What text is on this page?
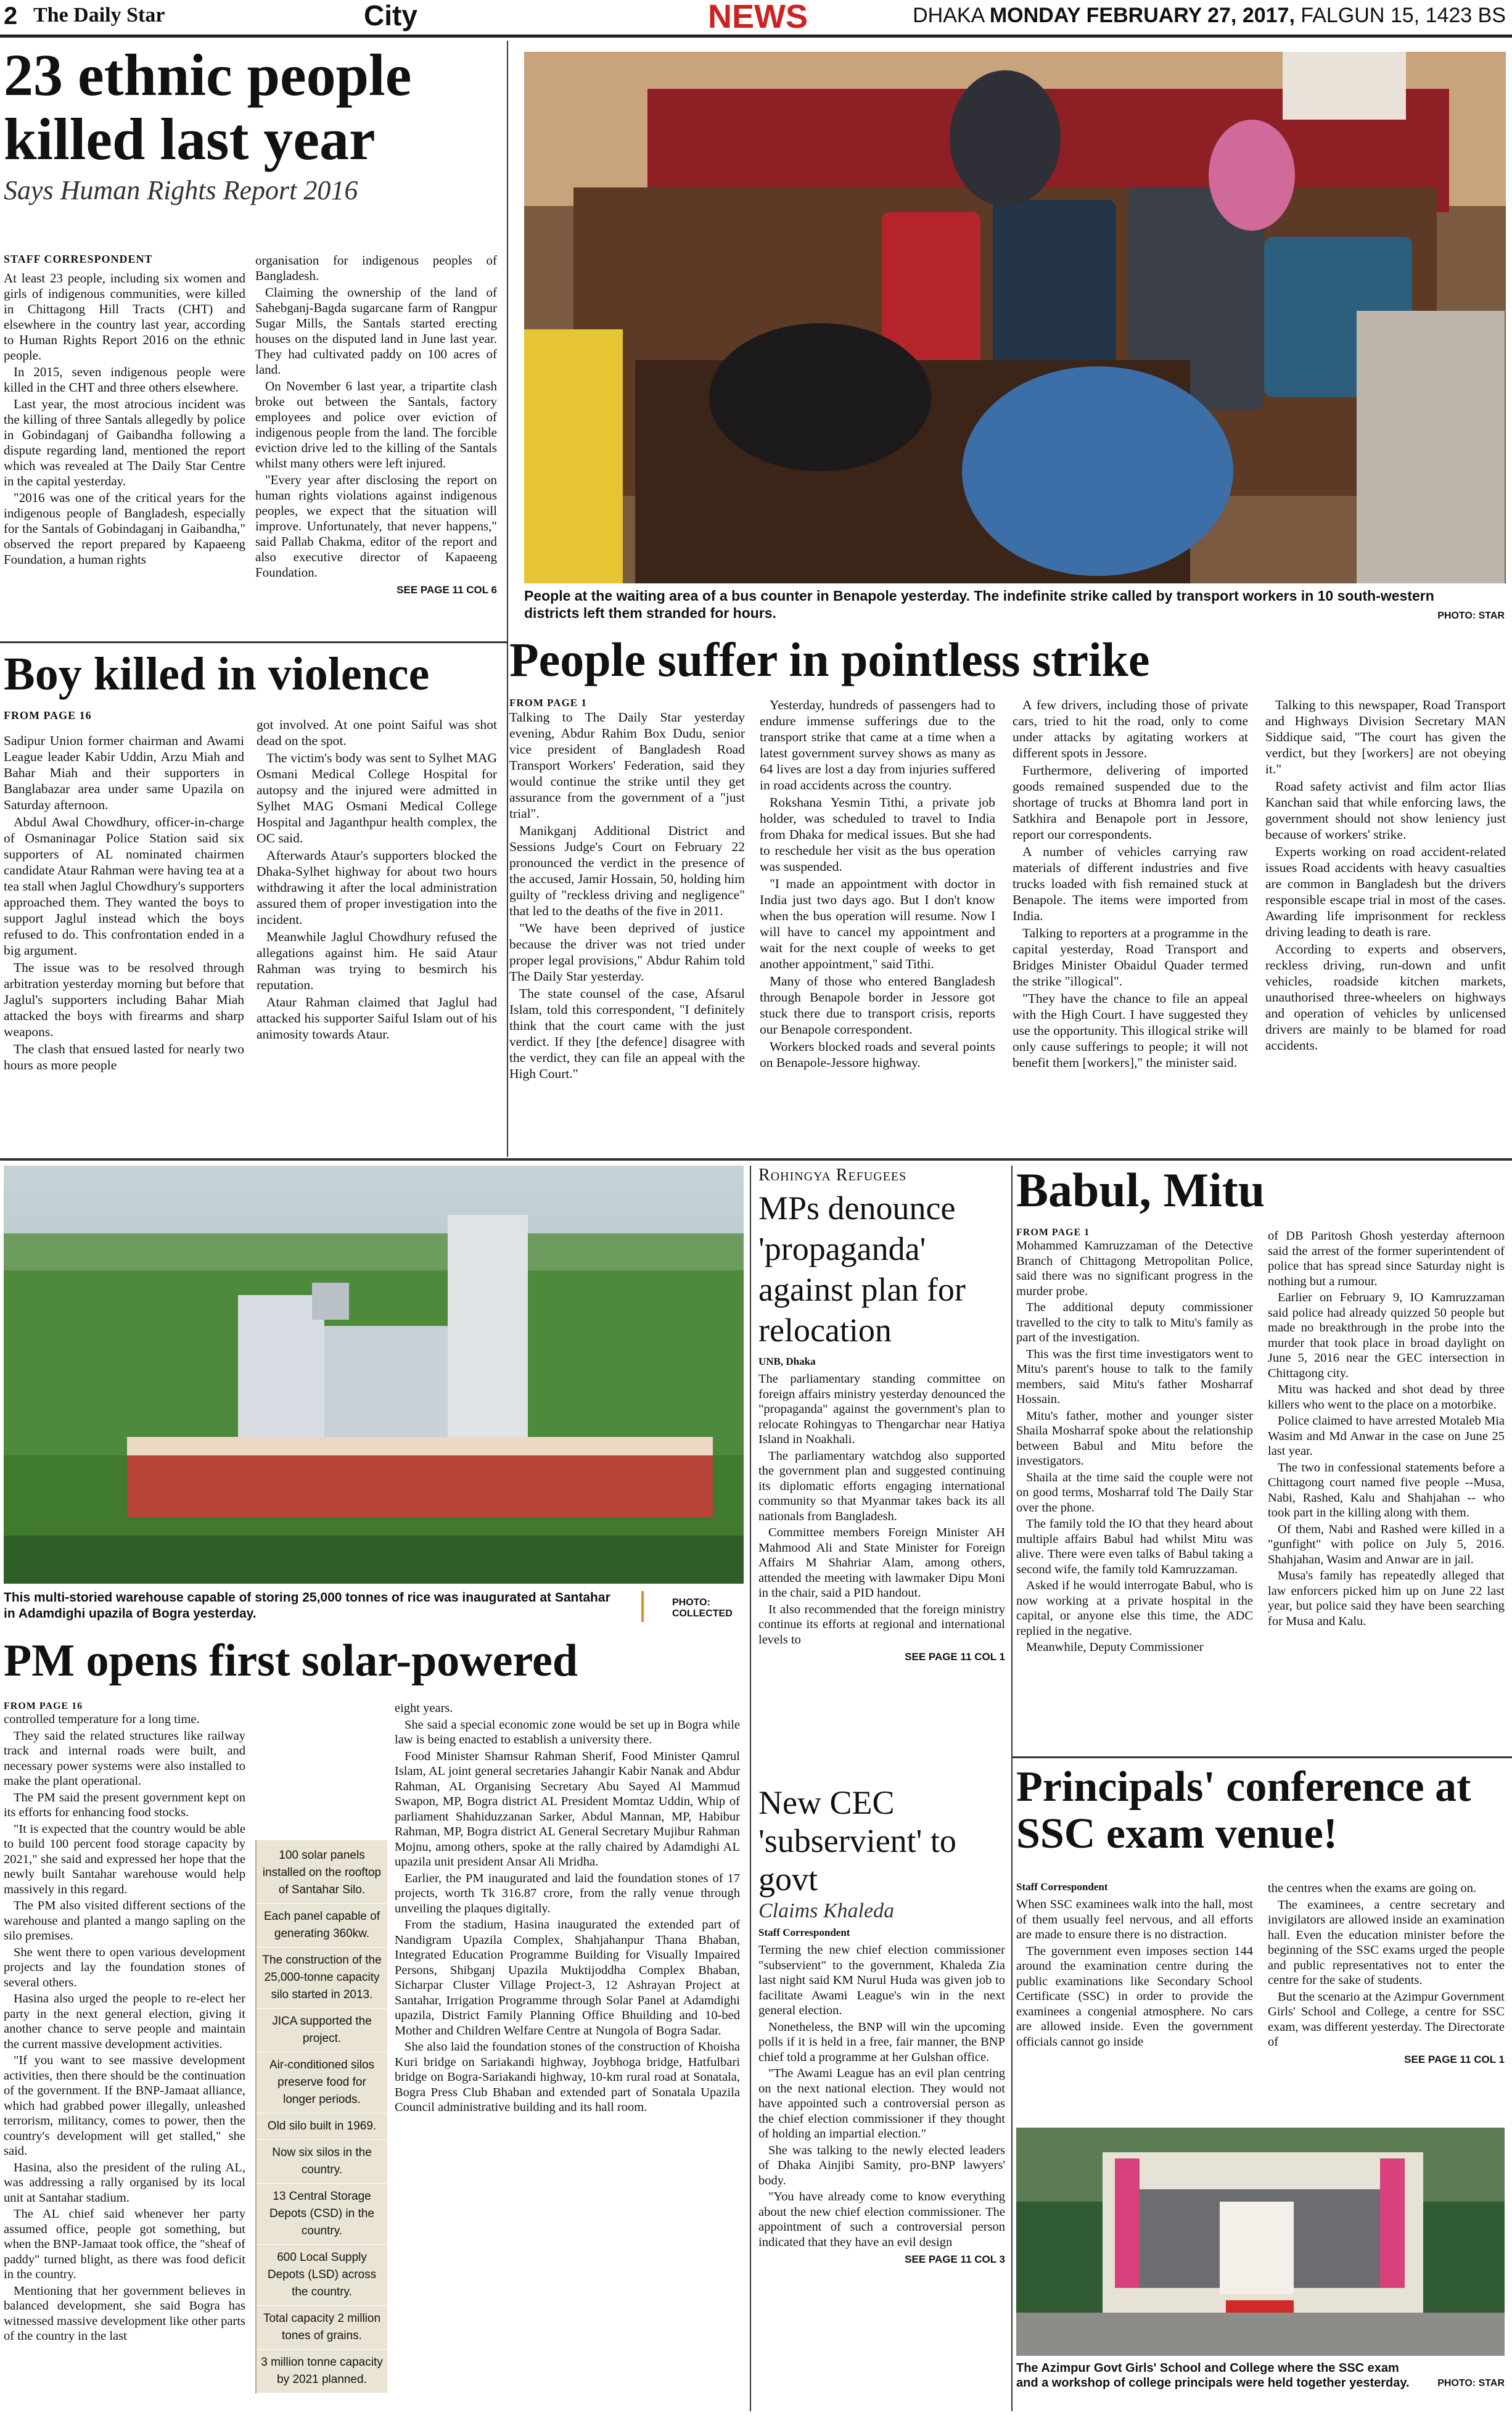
2 The Daily Star	City	NEWS	DHAKA MONDAY FEBRUARY 27, 2017, FALGUN 15, 1423 BS
23 ethnic people killed last year
Says Human Rights Report 2016
STAFF CORRESPONDENT

At least 23 people, including six women and girls of indigenous communities, were killed in Chittagong Hill Tracts (CHT) and elsewhere in the country last year, according to Human Rights Report 2016 on the ethnic people.

In 2015, seven indigenous people were killed in the CHT and three others elsewhere.

Last year, the most atrocious incident was the killing of three Santals allegedly by police in Gobindaganj of Gaibandha following a dispute regarding land, mentioned the report which was revealed at The Daily Star Centre in the capital yesterday.

"2016 was one of the critical years for the indigenous people of Bangladesh, especially for the Santals of Gobindaganj in Gaibandha," observed the report prepared by Kapaeeng Foundation, a human rights

organisation for indigenous peoples of Bangladesh.

Claiming the ownership of the land of Sahebganj-Bagda sugarcane farm of Rangpur Sugar Mills, the Santals started erecting houses on the disputed land in June last year. They had cultivated paddy on 100 acres of land.

On November 6 last year, a tripartite clash broke out between the Santals, factory employees and police over eviction of indigenous people from the land. The forcible eviction drive led to the killing of the Santals whilst many others were left injured.

"Every year after disclosing the report on human rights violations against indigenous peoples, we expect that the situation will improve. Unfortunately, that never happens," said Pallab Chakma, editor of the report and also executive director of Kapaeeng Foundation.

SEE PAGE 11 COL 6 People at the waiting area of a bus counter in Benapole yesterday. The indefinite strike called by transport workers in 10 south-western districts left them stranded for hours.	PHOTO: STAR
Boy killed in violence
FROM PAGE 16

Sadipur Union former chairman and Awami League leader Kabir Uddin, Arzu Miah and Bahar Miah and their supporters in Banglabazar area under same Upazila on Saturday afternoon.

Abdul Awal Chowdhury, officer-in-charge of Osmaninagar Police Station said six supporters of AL nominated chairmen candidate Ataur Rahman were having tea at a tea stall when Jaglul Chowdhury's supporters approached them. They wanted the boys to support Jaglul instead which the boys refused to do. This confrontation ended in a big argument.

The issue was to be resolved through arbitration yesterday morning but before that Jaglul's supporters including Bahar Miah attacked the boys with firearms and sharp weapons.

The clash that ensued lasted for nearly two hours as more people

got involved. At one point Saiful was shot dead on the spot.

The victim's body was sent to Sylhet MAG Osmani Medical College Hospital for autopsy and the injured were admitted in Sylhet MAG Osmani Medical College Hospital and Jaganthpur health complex, the OC said.

Afterwards Ataur's supporters blocked the Dhaka-Sylhet highway for about two hours withdrawing it after the local administration assured them of proper investigation into the incident.

Meanwhile Jaglul Chowdhury refused the allegations against him. He said Ataur Rahman was trying to besmirch his reputation.

Ataur Rahman claimed that Jaglul had attacked his supporter Saiful Islam out of his animosity towards Ataur.

People suffer in pointless strike
FROM PAGE 1

Talking to The Daily Star yesterday evening, Abdur Rahim Box Dudu, senior vice president of Bangladesh Road Transport Workers' Federation, said they would continue the strike until they get assurance from the government of a "just trial".

Manikganj Additional District and Sessions Judge's Court on February 22 pronounced the verdict in the presence of the accused, Jamir Hossain, 50, holding him guilty of "reckless driving and negligence" that led to the deaths of the five in 2011.

"We have been deprived of justice because the driver was not tried under proper legal provisions," Abdur Rahim told The Daily Star yesterday.

The state counsel of the case, Afsarul Islam, told this correspondent, "I definitely think that the court came with the just verdict. If they [the defence] disagree with the verdict, they can file an appeal with the High Court."

Yesterday, hundreds of passengers had to endure immense sufferings due to the transport strike that came at a time when a latest government survey shows as many as 64 lives are lost a day from injuries suffered in road accidents across the country.

Rokshana Yesmin Tithi, a private job holder, was scheduled to travel to India from Dhaka for medical issues. But she had to reschedule her visit as the bus operation was suspended.

"I made an appointment with doctor in India just two days ago. But I don't know when the bus operation will resume. Now I will have to cancel my appointment and wait for the next couple of weeks to get another appointment," said Tithi.

Many of those who entered Bangladesh through Benapole border in Jessore got stuck there due to transport crisis, reports our Benapole correspondent.

Workers blocked roads and several points on Benapole-Jessore highway.

A few drivers, including those of private cars, tried to hit the road, only to come under attacks by agitating workers at different spots in Jessore.

Furthermore, delivering of imported goods remained suspended due to the shortage of trucks at Bhomra land port in Satkhira and Benapole port in Jessore, report our correspondents.

A number of vehicles carrying raw materials of different industries and five trucks loaded with fish remained stuck at Benapole. The items were imported from India.

Talking to reporters at a programme in the capital yesterday, Road Transport and Bridges Minister Obaidul Quader termed the strike "illogical".

"They have the chance to file an appeal with the High Court. I have suggested they use the opportunity. This illogical strike will only cause sufferings to people; it will not benefit them [workers]," the minister said.

Talking to this newspaper, Road Transport and Highways Division Secretary MAN Siddique said, "The court has given the verdict, but they [workers] are not obeying it."

Road safety activist and film actor Ilias Kanchan said that while enforcing laws, the government should not show leniency just because of workers' strike.

Experts working on road accident-related issues Road accidents with heavy casualties are common in Bangladesh but the drivers responsible escape trial in most of the cases. Awarding life imprisonment for reckless driving leading to death is rare.

According to experts and observers, reckless driving, run-down and unfit vehicles, roadside kitchen markets, unauthorised three-wheelers on highways and operation of vehicles by unlicensed drivers are mainly to be blamed for road accidents.

This multi-storied warehouse capable of storing 25,000 tonnes of rice was inaugurated at Santahar in Adamdighi upazila of Bogra yesterday.
PHOTO: COLLECTED
PM opens first solar-powered
FROM PAGE 16

controlled temperature for a long time.

They said the related structures like railway track and internal roads were built, and necessary power systems were also installed to make the plant operational.

The PM said the present government kept on its efforts for enhancing food stocks.

"It is expected that the country would be able to build 100 percent food storage capacity by 2021," she said and expressed her hope that the newly built Santahar warehouse would help massively in this regard.

The PM also visited different sections of the warehouse and planted a mango sapling on the silo premises.

She went there to open various development projects and lay the foundation stones of several others.

Hasina also urged the people to re-elect her party in the next general election, giving it another chance to serve people and maintain the current massive development activities.

"If you want to see massive development activities, then there should be the continuation of the government. If the BNP-Jamaat alliance, which had grabbed power illegally, unleashed terrorism, militancy, comes to power, then the country's development will get stalled," she said.

Hasina, also the president of the ruling AL, was addressing a rally organised by its local unit at Santahar stadium.

The AL chief said whenever her party assumed office, people got something, but when the BNP-Jamaat took office, the "sheaf of paddy" turned blight, as there was food deficit in the country.

Mentioning that her government believes in balanced development, she said Bogra has witnessed massive development like other parts of the country in the last

100 solar panels installed on the rooftop of Santahar Silo.
Each panel capable of generating 360kw.
The construction of the 25,000-tonne capacity silo started in 2013.
JICA supported the project.
Air-conditioned silos preserve food for longer periods.
Old silo built in 1969.
Now six silos in the country.
13 Central Storage Depots (CSD) in the country.
600 Local Supply Depots (LSD) across the country.
Total capacity 2 million tones of grains.
3 million tonne capacity by 2021 planned.

eight years.

She said a special economic zone would be set up in Bogra while law is being enacted to establish a university there.

Food Minister Shamsur Rahman Sherif, Food Minister Qamrul Islam, AL joint general secretaries Jahangir Kabir Nanak and Abdur Rahman, AL Organising Secretary Abu Sayed Al Mammud Swapon, MP, Bogra district AL President Momtaz Uddin, Whip of parliament Shahiduzzanan Sarker, Abdul Mannan, MP, Habibur Rahman, MP, Bogra district AL General Secretary Mujibur Rahman Mojnu, among others, spoke at the rally chaired by Adamdighi AL upazila unit president Ansar Ali Mridha.

Earlier, the PM inaugurated and laid the foundation stones of 17 projects, worth Tk 316.87 crore, from the rally venue through unveiling the plaques digitally.

From the stadium, Hasina inaugurated the extended part of Nandigram Upazila Complex, Shahjahanpur Thana Bhaban, Integrated Education Programme Building for Visually Impaired Persons, Shibganj Upazila Muktijoddha Complex Bhaban, Sicharpar Cluster Village Project-3, 12 Ashrayan Project at Santahar, Irrigation Programme through Solar Panel at Adamdighi upazila, District Family Planning Office Bhuilding and 10-bed Mother and Children Welfare Centre at Nungola of Bogra Sadar.

She also laid the foundation stones of the construction of Khoisha Kuri bridge on Sariakandi highway, Joybhoga bridge, Hatfulbari bridge on Bogra-Sariakandi highway, 10-km rural road at Sonatala, Bogra Press Club Bhaban and extended part of Sonatala Upazila Council administrative building and its hall room.

Rohingya Refugees
MPs denounce 'propaganda' against plan for relocation
UNB, Dhaka

The parliamentary standing committee on foreign affairs ministry yesterday denounced the "propaganda" against the government's plan to relocate Rohingyas to Thengarchar near Hatiya Island in Noakhali.

The parliamentary watchdog also supported the government plan and suggested continuing its diplomatic efforts engaging international community so that Myanmar takes back its all nationals from Bangladesh.

Committee members Foreign Minister AH Mahmood Ali and State Minister for Foreign Affairs M Shahriar Alam, among others, attended the meeting with lawmaker Dipu Moni in the chair, said a PID handout.

It also recommended that the foreign ministry continue its efforts at regional and international levels to

SEE PAGE 11 COL 1
New CEC 'subservient' to govt
Claims Khaleda
Staff Correspondent

Terming the new chief election commissioner "subservient" to the government, Khaleda Zia last night said KM Nurul Huda was given job to facilitate Awami League's win in the next general election.

Nonetheless, the BNP will win the upcoming polls if it is held in a free, fair manner, the BNP chief told a programme at her Gulshan office.

"The Awami League has an evil plan centring on the next national election. They would not have appointed such a controversial person as the chief election commissioner if they thought of holding an impartial election."

She was talking to the newly elected leaders of Dhaka Ainjibi Samity, pro-BNP lawyers' body.

"You have already come to know everything about the new chief election commissioner. The appointment of such a controversial person indicated that they have an evil design

SEE PAGE 11 COL 3
Babul, Mitu
FROM PAGE 1

Mohammed Kamruzzaman of the Detective Branch of Chittagong Metropolitan Police, said there was no significant progress in the murder probe.

The additional deputy commissioner travelled to the city to talk to Mitu's family as part of the investigation.

This was the first time investigators went to Mitu's parent's house to talk to the family members, said Mitu's father Mosharraf Hossain.

Mitu's father, mother and younger sister Shaila Mosharraf spoke about the relationship between Babul and Mitu before the investigators.

Shaila at the time said the couple were not on good terms, Mosharraf told The Daily Star over the phone.

The family told the IO that they heard about multiple affairs Babul had whilst Mitu was alive. There were even talks of Babul taking a second wife, the family told Kamruzzaman.

Asked if he would interrogate Babul, who is now working at a private hospital in the capital, or anyone else this time, the ADC replied in the negative.

Meanwhile, Deputy Commissioner

of DB Paritosh Ghosh yesterday afternoon said the arrest of the former superintendent of police that has spread since Saturday night is nothing but a rumour.

Earlier on February 9, IO Kamruzzaman said police had already quizzed 50 people but made no breakthrough in the probe into the murder that took place in broad daylight on June 5, 2016 near the GEC intersection in Chittagong city.

Mitu was hacked and shot dead by three killers who went to the place on a motorbike.

Police claimed to have arrested Motaleb Mia Wasim and Md Anwar in the case on June 25 last year.

The two in confessional statements before a Chittagong court named five people --Musa, Nabi, Rashed, Kalu and Shahjahan -- who took part in the killing along with them.

Of them, Nabi and Rashed were killed in a "gunfight" with police on July 5, 2016. Shahjahan, Wasim and Anwar are in jail.

Musa's family has repeatedly alleged that law enforcers picked him up on June 22 last year, but police said they have been searching for Musa and Kalu.

Principals' conference at SSC exam venue!
Staff Correspondent

When SSC examinees walk into the hall, most of them usually feel nervous, and all efforts are made to ensure there is no distraction.

The government even imposes section 144 around the examination centre during the public examinations like Secondary School Certificate (SSC) in order to provide the examinees a congenial atmosphere. No cars are allowed inside. Even the government officials cannot go inside

the centres when the exams are going on.

The examinees, a centre secretary and invigilators are allowed inside an examination hall. Even the education minister before the beginning of the SSC exams urged the people and public representatives not to enter the centre for the sake of students.

But the scenario at the Azimpur Government Girls' School and College, a centre for SSC exam, was different yesterday. The Directorate of

SEE PAGE 11 COL 1
The Azimpur Govt Girls' School and College where the SSC exam and a workshop of college principals were held together yesterday.	PHOTO: STAR
